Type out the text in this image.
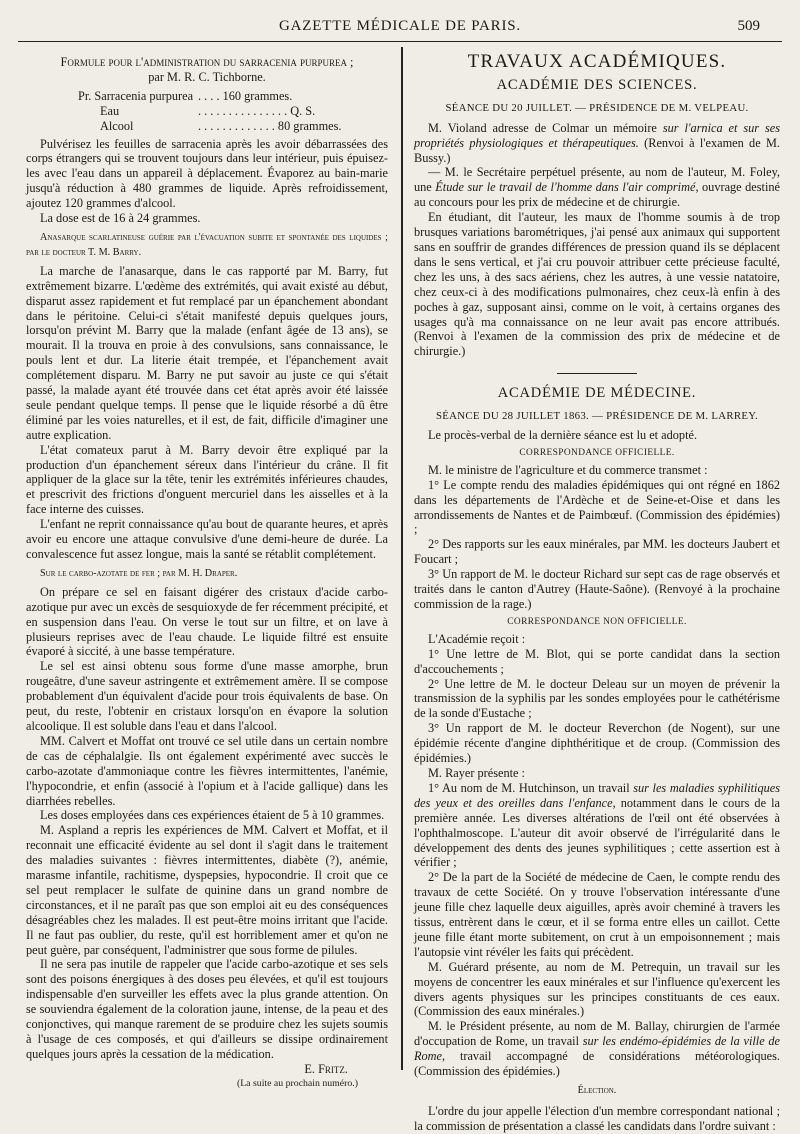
GAZETTE MÉDICALE DE PARIS.	509

Formule pour l'administration du sarracenia purpurea ;

par M. R. C. Tichborne.

Pr. Sarracenia purpurea . . . . 160 grammes.
Eau	. . . . . . . . . . . . . . . Q. S.
Alcool	. . . . . . . . . . . . . 80 grammes.

Pulvérisez les feuilles de sarracenia après les avoir débarrassées des corps étrangers qui se trouvent toujours dans leur intérieur, puis épuisez-les avec l'eau dans un appareil à déplacement. Évaporez au bain-marie jusqu'à réduction à 480 grammes de liquide. Après refroidissement, ajoutez 120 grammes d'alcool.

La dose est de 16 à 24 grammes.

Anasarque scarlatineuse guérie par l'évacuation subite et spontanée des liquides ; par le docteur T. M. Barry.

La marche de l'anasarque, dans le cas rapporté par M. Barry, fut extrêmement bizarre. L'œdème des extrémités, qui avait existé au début, disparut assez rapidement et fut remplacé par un épanchement abondant dans le péritoine. Celui-ci s'était manifesté depuis quelques jours, lorsqu'on prévint M. Barry que la malade (enfant âgée de 13 ans), se mourait. Il la trouva en proie à des convulsions, sans connaissance, le pouls lent et dur. La literie était trempée, et l'épanchement avait complétement disparu. M. Barry ne put savoir au juste ce qui s'était passé, la malade ayant été trouvée dans cet état après avoir été laissée seule pendant quelque temps. Il pense que le liquide résorbé a dû être éliminé par les voies naturelles, et il est, de fait, difficile d'imaginer une autre explication.

L'état comateux parut à M. Barry devoir être expliqué par la production d'un épanchement séreux dans l'intérieur du crâne. Il fit appliquer de la glace sur la tête, tenir les extrémités inférieures chaudes, et prescrivit des frictions d'onguent mercuriel dans les aisselles et à la face interne des cuisses.

L'enfant ne reprit connaissance qu'au bout de quarante heures, et après avoir eu encore une attaque convulsive d'une demi-heure de durée. La convalescence fut assez longue, mais la santé se rétablit complétement.

Sur le carbo-azotate de fer ; par M. H. Draper.

On prépare ce sel en faisant digérer des cristaux d'acide carbo-azotique pur avec un excès de sesquioxyde de fer récemment précipité, et en suspension dans l'eau. On verse le tout sur un filtre, et on lave à plusieurs reprises avec de l'eau chaude. Le liquide filtré est ensuite évaporé à siccité, à une basse température.

Le sel est ainsi obtenu sous forme d'une masse amorphe, brun rougeâtre, d'une saveur astringente et extrêmement amère. Il se compose probablement d'un équivalent d'acide pour trois équivalents de base. On peut, du reste, l'obtenir en cristaux lorsqu'on en évapore la solution alcoolique. Il est soluble dans l'eau et dans l'alcool.

MM. Calvert et Moffat ont trouvé ce sel utile dans un certain nombre de cas de céphalalgie. Ils ont également expérimenté avec succès le carbo-azotate d'ammoniaque contre les fièvres intermittentes, l'anémie, l'hypocondrie, et enfin (associé à l'opium et à l'acide gallique) dans les diarrhées rebelles.

Les doses employées dans ces expériences étaient de 5 à 10 grammes.

M. Aspland a repris les expériences de MM. Calvert et Moffat, et il reconnait une efficacité évidente au sel dont il s'agit dans le traitement des maladies suivantes : fièvres intermittentes, diabète (?), anémie, marasme infantile, rachitisme, dyspepsies, hypocondrie. Il croit que ce sel peut remplacer le sulfate de quinine dans un grand nombre de circonstances, et il ne paraît pas que son emploi ait eu des conséquences désagréables chez les malades. Il est peut-être moins irritant que l'acide. Il ne faut pas oublier, du reste, qu'il est horriblement amer et qu'on ne peut guère, par conséquent, l'administrer que sous forme de pilules.

Il ne sera pas inutile de rappeler que l'acide carbo-azotique et ses sels sont des poisons énergiques à des doses peu élevées, et qu'il est toujours indispensable d'en surveiller les effets avec la plus grande attention. On se souviendra également de la coloration jaune, intense, de la peau et des conjonctives, qui manque rarement de se produire chez les sujets soumis à l'usage de ces composés, et qui d'ailleurs se dissipe ordinairement quelques jours après la cessation de la médication.

E. Fritz.

(La suite au prochain numéro.)

TRAVAUX ACADÉMIQUES.

ACADÉMIE DES SCIENCES.

SÉANCE DU 20 JUILLET. — PRÉSIDENCE DE M. VELPEAU.

M. Violand adresse de Colmar un mémoire sur l'arnica et sur ses propriétés physiologiques et thérapeutiques. (Renvoi à l'examen de M. Bussy.)

— M. le Secrétaire perpétuel présente, au nom de l'auteur, M. Foley, une Étude sur le travail de l'homme dans l'air comprimé, ouvrage destiné au concours pour les prix de médecine et de chirurgie.

En étudiant, dit l'auteur, les maux de l'homme soumis à de trop brusques variations barométriques, j'ai pensé aux animaux qui supportent sans en souffrir de grandes différences de pression quand ils se déplacent dans le sens vertical, et j'ai cru pouvoir attribuer cette précieuse faculté, chez les uns, à des sacs aériens, chez les autres, à une vessie natatoire, chez ceux-ci à des modifications pulmonaires, chez ceux-là enfin à des poches à gaz, supposant ainsi, comme on le voit, à certains organes des usages qu'à ma connaissance on ne leur avait pas encore attribués. (Renvoi à l'examen de la commission des prix de médecine et de chirurgie.)

ACADÉMIE DE MÉDECINE.

SÉANCE DU 28 JUILLET 1863. — PRÉSIDENCE DE M. LARREY.

Le procès-verbal de la dernière séance est lu et adopté.

CORRESPONDANCE OFFICIELLE.

M. le ministre de l'agriculture et du commerce transmet :

1° Le compte rendu des maladies épidémiques qui ont régné en 1862 dans les départements de l'Ardèche et de Seine-et-Oise et dans les arrondissements de Nantes et de Paimbœuf. (Commission des épidémies) ;

2° Des rapports sur les eaux minérales, par MM. les docteurs Jaubert et Foucart ;

3° Un rapport de M. le docteur Richard sur sept cas de rage observés et traités dans le canton d'Autrey (Haute-Saône). (Renvoyé à la prochaine commission de la rage.)

CORRESPONDANCE NON OFFICIELLE.

L'Académie reçoit :

1° Une lettre de M. Blot, qui se porte candidat dans la section d'accouchements ;

2° Une lettre de M. le docteur Deleau sur un moyen de prévenir la transmission de la syphilis par les sondes employées pour le cathétérisme de la sonde d'Eustache ;

3° Un rapport de M. le docteur Reverchon (de Nogent), sur une épidémie récente d'angine diphthéritique et de croup. (Commission des épidémies.)

M. Rayer présente :

1° Au nom de M. Hutchinson, un travail sur les maladies syphilitiques des yeux et des oreilles dans l'enfance, notamment dans le cours de la première année. Les diverses altérations de l'œil ont été observées à l'ophthalmoscope. L'auteur dit avoir observé de l'irrégularité dans le développement des dents des jeunes syphilitiques ; cette assertion est à vérifier ;

2° De la part de la Société de médecine de Caen, le compte rendu des travaux de cette Société. On y trouve l'observation intéressante d'une jeune fille chez laquelle deux aiguilles, après avoir cheminé à travers les tissus, entrèrent dans le cœur, et il se forma entre elles un caillot. Cette jeune fille étant morte subitement, on crut à un empoisonnement ; mais l'autopsie vint révéler les faits qui précèdent.

M. Guérard présente, au nom de M. Petrequin, un travail sur les moyens de concentrer les eaux minérales et sur l'influence qu'exercent les divers agents physiques sur les principes constituants de ces eaux. (Commission des eaux minérales.)

M. le Président présente, au nom de M. Ballay, chirurgien de l'armée d'occupation de Rome, un travail sur les endémo-épidémies de la ville de Rome, travail accompagné de considérations météorologiques. (Commission des épidémies.)

Élection.

L'ordre du jour appelle l'élection d'un membre correspondant national ; la commission de présentation a classé les candidats dans l'ordre suivant :
